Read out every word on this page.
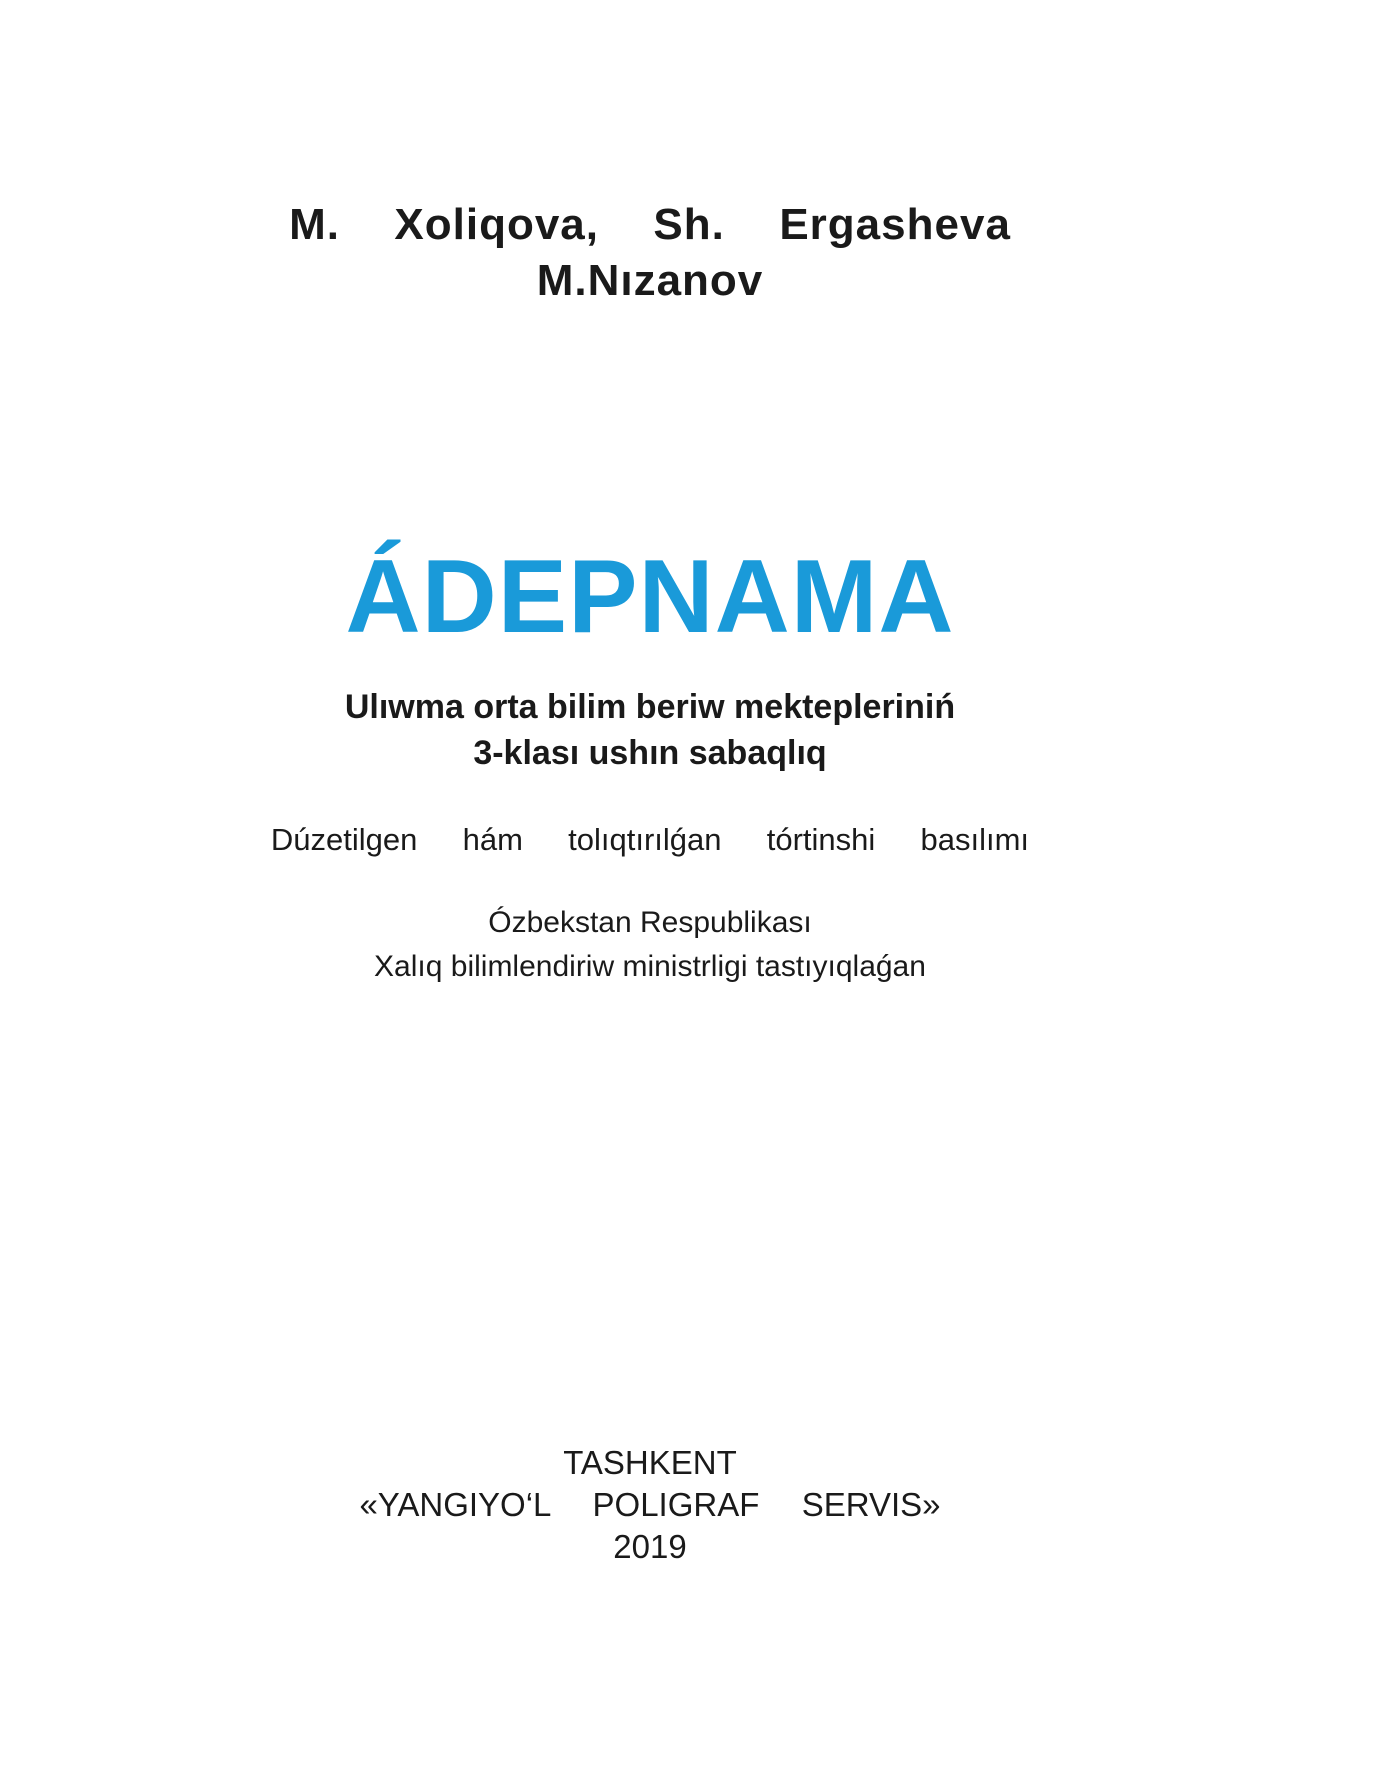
M.  Xoliqova,  Sh.  Ergasheva
M.Nızanov
ÁDEPNAMA
Ulıwma orta bilim beriw mektepleriniń
3-klası ushın sabaqlıq
Dúzetilgen  hám  tolıqtırılǵan  tórtinshi  basılımı
Ózbekstan Respublikası
Xalıq bilimlendiriw ministrligi tastıyıqlaǵan
TASHKENT
«YANGIYO‘L  POLIGRAF  SERVIS»
2019
